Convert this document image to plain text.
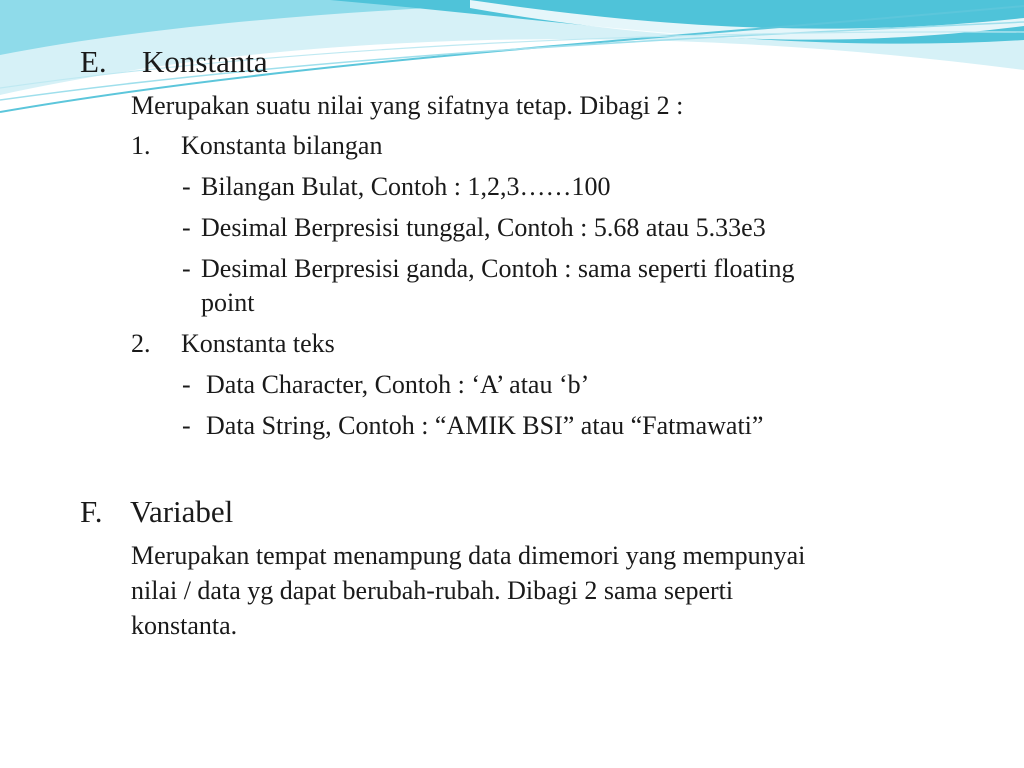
E. Konstanta
Merupakan suatu nilai yang sifatnya tetap. Dibagi 2 :
1. Konstanta bilangan
- Bilangan Bulat, Contoh : 1,2,3……100
- Desimal Berpresisi tunggal, Contoh : 5.68 atau 5.33e3
- Desimal Berpresisi ganda, Contoh : sama seperti floating
point
2. Konstanta teks
- Data Character, Contoh : ‘A’ atau ‘b’
- Data String, Contoh : “AMIK BSI” atau “Fatmawati”
F. Variabel
Merupakan tempat menampung data dimemori yang mempunyai
nilai / data yg dapat berubah-rubah. Dibagi 2 sama seperti
konstanta.
